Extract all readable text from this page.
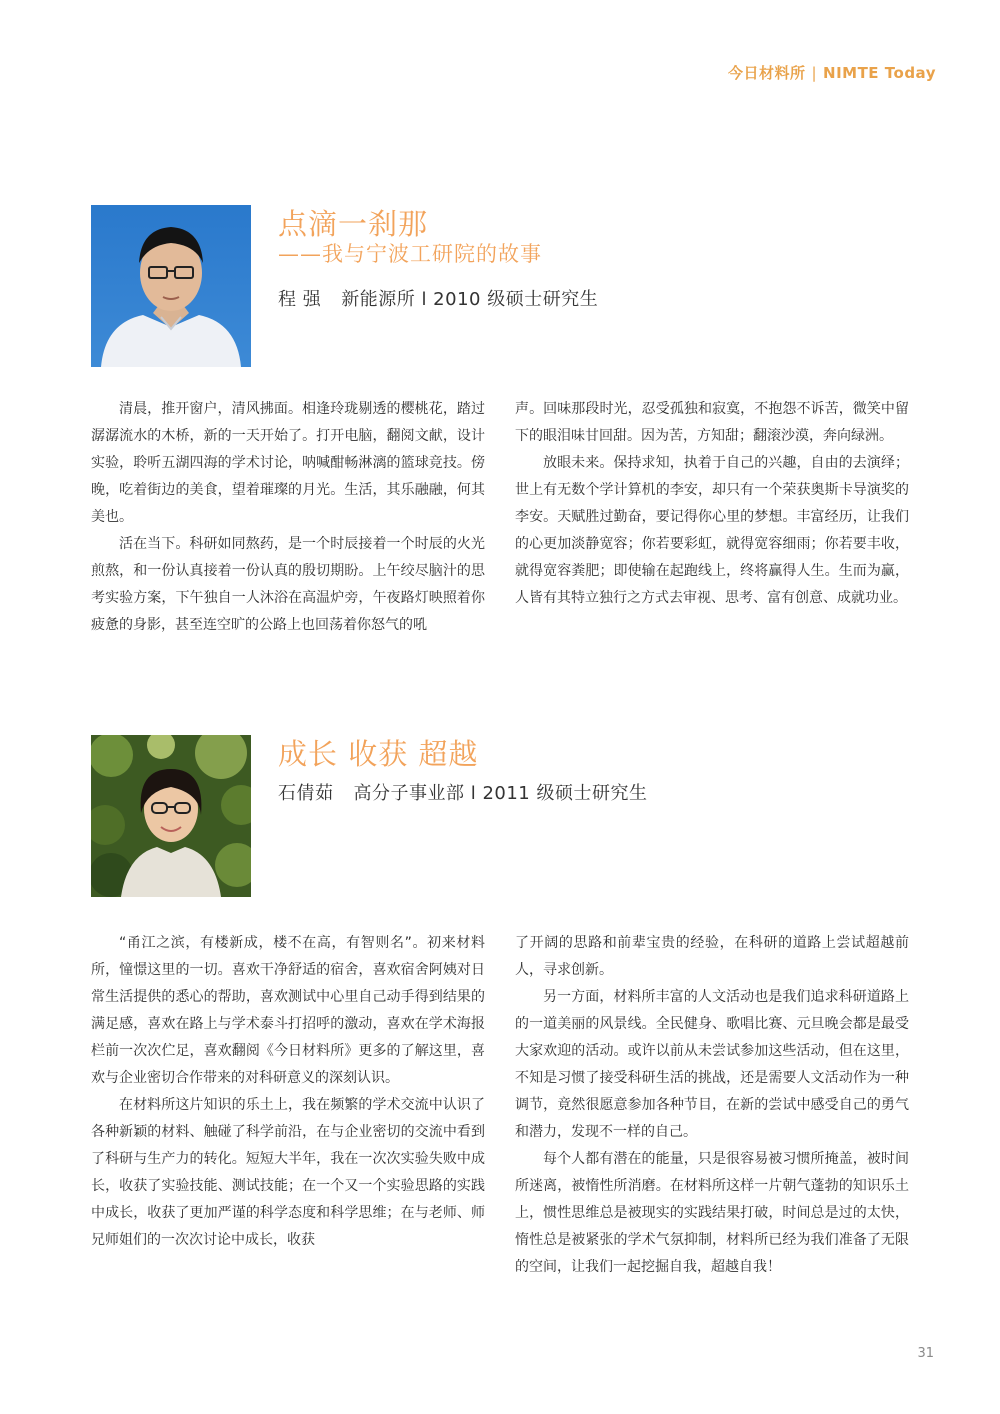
今日材料所 | NIMTE Today
点滴一刹那
——我与宁波工研院的故事
程 强 新能源所 l 2010 级硕士研究生

清晨，推开窗户，清风拂面。相逢玲珑剔透的樱桃花，踏过潺潺流水的木桥，新的一天开始了。打开电脑，翻阅文献，设计实验，聆听五湖四海的学术讨论，呐喊酣畅淋漓的篮球竞技。傍晚，吃着街边的美食，望着璀璨的月光。生活，其乐融融，何其美也。

活在当下。科研如同熬药，是一个时辰接着一个时辰的火光煎熬，和一份认真接着一份认真的殷切期盼。上午绞尽脑汁的思考实验方案，下午独自一人沐浴在高温炉旁，午夜路灯映照着你疲惫的身影，甚至连空旷的公路上也回荡着你怒气的吼

声。回味那段时光，忍受孤独和寂寞，不抱怨不诉苦，微笑中留下的眼泪味甘回甜。因为苦，方知甜；翻滚沙漠，奔向绿洲。

放眼未来。保持求知，执着于自己的兴趣，自由的去演绎；世上有无数个学计算机的李安，却只有一个荣获奥斯卡导演奖的李安。天赋胜过勤奋，要记得你心里的梦想。丰富经历，让我们的心更加淡静宽容；你若要彩虹，就得宽容细雨；你若要丰收，就得宽容粪肥；即使输在起跑线上，终将赢得人生。生而为赢，人皆有其特立独行之方式去审视、思考、富有创意、成就功业。

成长 收获 超越
石倩茹 高分子事业部 l 2011 级硕士研究生

“甬江之滨，有楼新成，楼不在高，有智则名”。初来材料所，憧憬这里的一切。喜欢干净舒适的宿舍，喜欢宿舍阿姨对日常生活提供的悉心的帮助，喜欢测试中心里自己动手得到结果的满足感，喜欢在路上与学术泰斗打招呼的激动，喜欢在学术海报栏前一次次伫足，喜欢翻阅《今日材料所》更多的了解这里，喜欢与企业密切合作带来的对科研意义的深刻认识。

在材料所这片知识的乐土上，我在频繁的学术交流中认识了各种新颖的材料、触碰了科学前沿，在与企业密切的交流中看到了科研与生产力的转化。短短大半年，我在一次次实验失败中成长，收获了实验技能、测试技能；在一个又一个实验思路的实践中成长，收获了更加严谨的科学态度和科学思维；在与老师、师兄师姐们的一次次讨论中成长，收获

了开阔的思路和前辈宝贵的经验，在科研的道路上尝试超越前人，寻求创新。

另一方面，材料所丰富的人文活动也是我们追求科研道路上的一道美丽的风景线。全民健身、歌唱比赛、元旦晚会都是最受大家欢迎的活动。或许以前从未尝试参加这些活动，但在这里，不知是习惯了接受科研生活的挑战，还是需要人文活动作为一种调节，竟然很愿意参加各种节目，在新的尝试中感受自己的勇气和潜力，发现不一样的自己。

每个人都有潜在的能量，只是很容易被习惯所掩盖，被时间所迷离，被惰性所消磨。在材料所这样一片朝气蓬勃的知识乐土上，惯性思维总是被现实的实践结果打破，时间总是过的太快，惰性总是被紧张的学术气氛抑制，材料所已经为我们准备了无限的空间，让我们一起挖掘自我，超越自我！

31
